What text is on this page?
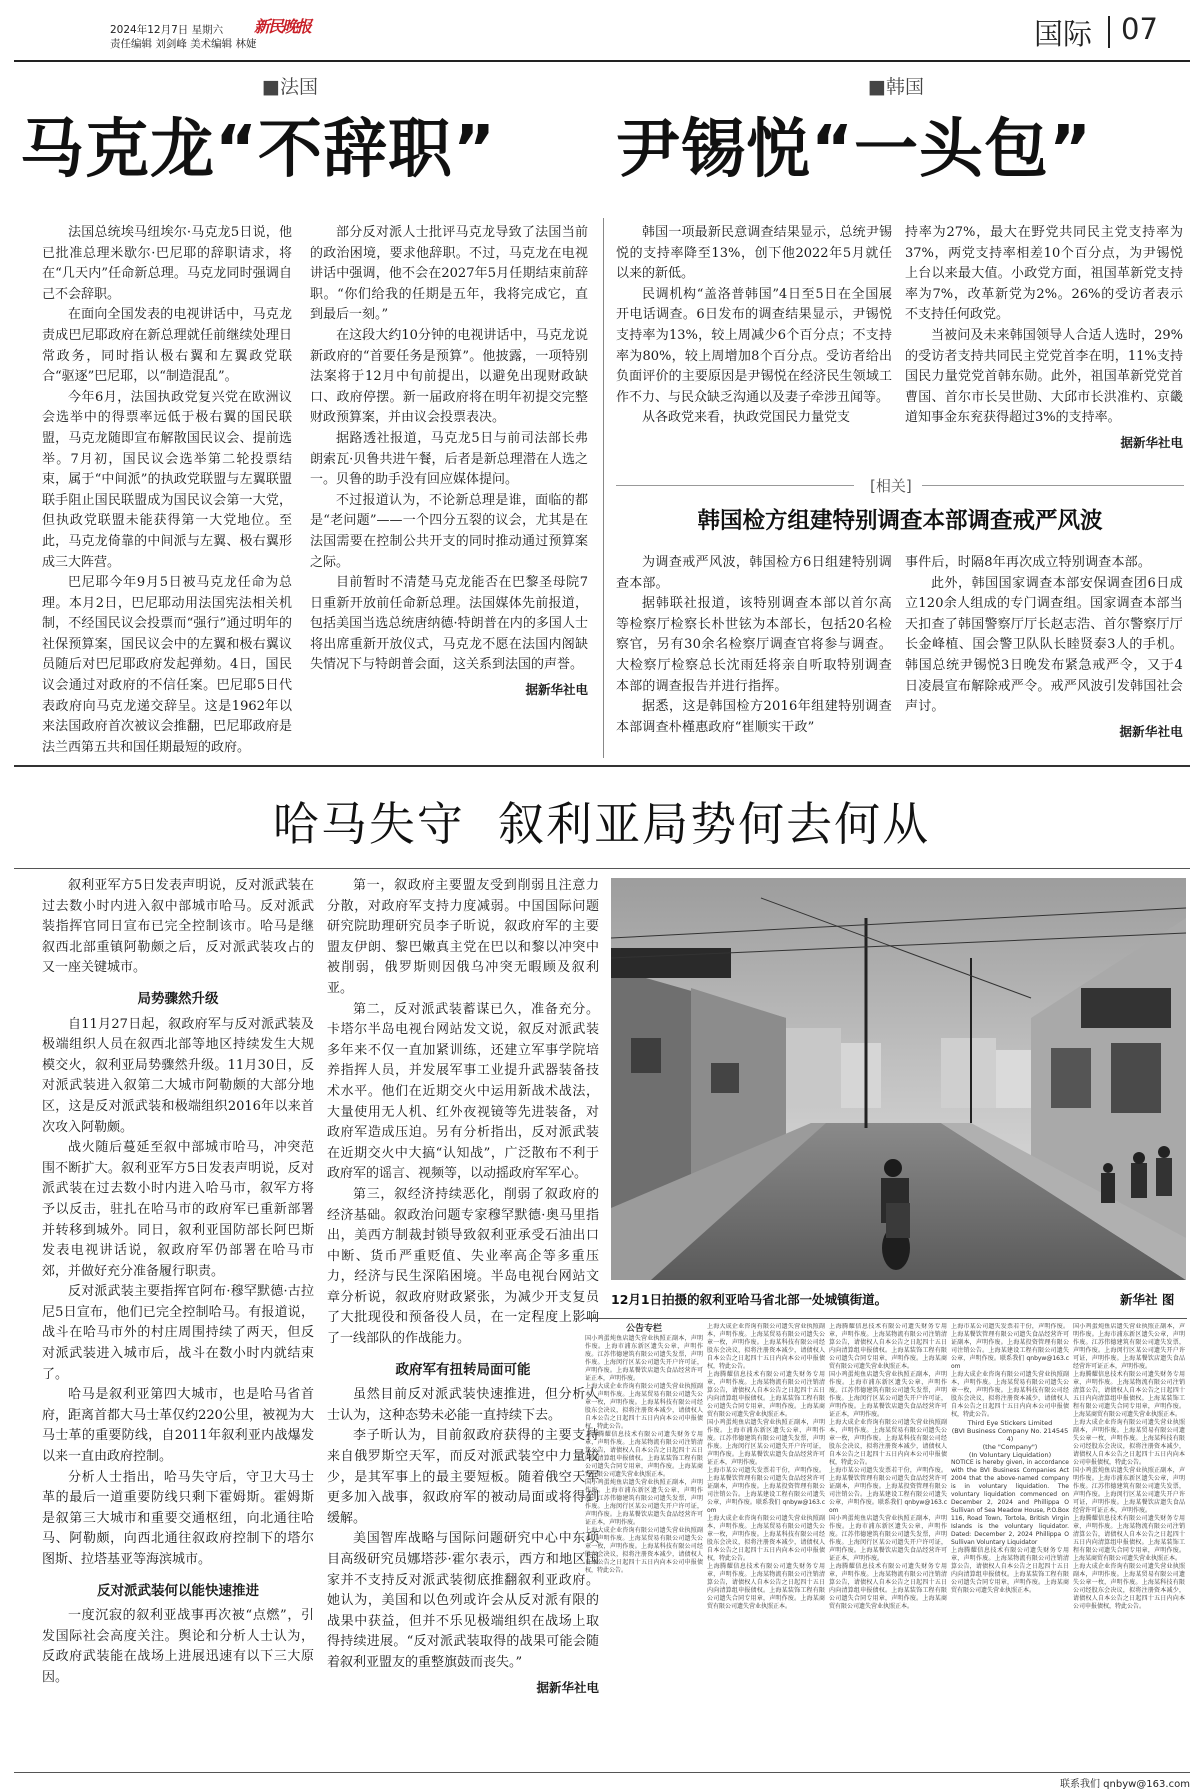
2024年12月7日 星期六
责任编辑 刘剑峰 美术编辑 林婕
新民晚报	国际 07
■法国	■韩国
马克龙“不辞职” 尹锡悦“一头包”

法国总统埃马纽埃尔·马克龙5日说，他已批准总理米歇尔·巴尼耶的辞职请求，将在“几天内”任命新总理。马克龙同时强调自己不会辞职。

在面向全国发表的电视讲话中，马克龙责成巴尼耶政府在新总理就任前继续处理日常政务，同时指认极右翼和左翼政党联合“驱逐”巴尼耶，以“制造混乱”。

今年6月，法国执政党复兴党在欧洲议会选举中的得票率远低于极右翼的国民联盟，马克龙随即宣布解散国民议会、提前选举。7月初，国民议会选举第二轮投票结束，属于“中间派”的执政党联盟与左翼联盟联手阻止国民联盟成为国民议会第一大党，但执政党联盟未能获得第一大党地位。至此，马克龙倚靠的中间派与左翼、极右翼形成三大阵营。

巴尼耶今年9月5日被马克龙任命为总理。本月2日，巴尼耶动用法国宪法相关机制，不经国民议会投票而“强行”通过明年的社保预算案，国民议会中的左翼和极右翼议员随后对巴尼耶政府发起弹劾。4日，国民议会通过对政府的不信任案。巴尼耶5日代表政府向马克龙递交辞呈。这是1962年以来法国政府首次被议会推翻，巴尼耶政府是法兰西第五共和国任期最短的政府。

部分反对派人士批评马克龙导致了法国当前的政治困境，要求他辞职。不过，马克龙在电视讲话中强调，他不会在2027年5月任期结束前辞职。“你们给我的任期是五年，我将完成它，直到最后一刻。”

在这段大约10分钟的电视讲话中，马克龙说新政府的“首要任务是预算”。他披露，一项特别法案将于12月中旬前提出，以避免出现财政缺口、政府停摆。新一届政府将在明年初提交完整财政预算案，并由议会投票表决。

据路透社报道，马克龙5日与前司法部长弗朗索瓦·贝鲁共进午餐，后者是新总理潜在人选之一。贝鲁的助手没有回应媒体提问。

不过报道认为，不论新总理是谁，面临的都是“老问题”——一个四分五裂的议会，尤其是在法国需要在控制公共开支的同时推动通过预算案之际。

目前暂时不清楚马克龙能否在巴黎圣母院7日重新开放前任命新总理。法国媒体先前报道，包括美国当选总统唐纳德·特朗普在内的多国人士将出席重新开放仪式，马克龙不愿在法国内阁缺失情况下与特朗普会面，这关系到法国的声誉。

据新华社电

韩国一项最新民意调查结果显示，总统尹锡悦的支持率降至13%，创下他2022年5月就任以来的新低。

民调机构“盖洛普韩国”4日至5日在全国展开电话调查。6日发布的调查结果显示，尹锡悦支持率为13%，较上周减少6个百分点；不支持率为80%，较上周增加8个百分点。受访者给出负面评价的主要原因是尹锡悦在经济民生领域工作不力、与民众缺乏沟通以及妻子牵涉丑闻等。

从各政党来看，执政党国民力量党支

持率为27%，最大在野党共同民主党支持率为37%，两党支持率相差10个百分点，为尹锡悦上台以来最大值。小政党方面，祖国革新党支持率为7%，改革新党为2%。26%的受访者表示不支持任何政党。

当被问及未来韩国领导人合适人选时，29%的受访者支持共同民主党党首李在明，11%支持国民力量党党首韩东勋。此外，祖国革新党党首曹国、首尔市长吴世勋、大邱市长洪准杓、京畿道知事金东兖获得超过3%的支持率。

据新华社电

[相关]
韩国检方组建特别调查本部调查戒严风波

为调查戒严风波，韩国检方6日组建特别调查本部。

据韩联社报道，该特别调查本部以首尔高等检察厅检察长朴世铉为本部长，包括20名检察官，另有30余名检察厅调查官将参与调查。大检察厅检察总长沈雨廷将亲自听取特别调查本部的调查报告并进行指挥。

据悉，这是韩国检方2016年组建特别调查本部调查朴槿惠政府“崔顺实干政”

事件后，时隔8年再次成立特别调查本部。

此外，韩国国家调查本部安保调查团6日成立120余人组成的专门调查组。国家调查本部当天扣查了韩国警察厅厅长赵志浩、首尔警察厅厅长金峰植、国会警卫队队长睦贤泰3人的手机。韩国总统尹锡悦3日晚发布紧急戒严令，又于4日凌晨宣布解除戒严令。戒严风波引发韩国社会声讨。

据新华社电

哈马失守  叙利亚局势何去何从

叙利亚军方5日发表声明说，反对派武装在过去数小时内进入叙中部城市哈马。反对派武装指挥官同日宣布已完全控制该市。哈马是继叙西北部重镇阿勒颇之后，反对派武装攻占的又一座关键城市。

局势骤然升级

自11月27日起，叙政府军与反对派武装及极端组织人员在叙西北部等地区持续发生大规模交火，叙利亚局势骤然升级。11月30日，反对派武装进入叙第二大城市阿勒颇的大部分地区，这是反对派武装和极端组织2016年以来首次攻入阿勒颇。

战火随后蔓延至叙中部城市哈马，冲突范围不断扩大。叙利亚军方5日发表声明说，反对派武装在过去数小时内进入哈马市，叙军方将予以反击，驻扎在哈马市的政府军已重新部署并转移到城外。同日，叙利亚国防部长阿巴斯发表电视讲话说，叙政府军仍部署在哈马市郊，并做好充分准备履行职责。

反对派武装主要指挥官阿布·穆罕默德·古拉尼5日宣布，他们已完全控制哈马。有报道说，战斗在哈马市外的村庄周围持续了两天，但反对派武装进入城市后，战斗在数小时内就结束了。

哈马是叙利亚第四大城市，也是哈马省首府，距离首都大马士革仅约220公里，被视为大马士革的重要防线，自2011年叙利亚内战爆发以来一直由政府控制。

分析人士指出，哈马失守后，守卫大马士革的最后一道重要防线只剩下霍姆斯。霍姆斯是叙第三大城市和重要交通枢纽，向北通往哈马、阿勒颇，向西北通往叙政府控制下的塔尔图斯、拉塔基亚等海滨城市。

反对派武装何以能快速推进

一度沉寂的叙利亚战事再次被“点燃”，引发国际社会高度关注。舆论和分析人士认为，反政府武装能在战场上进展迅速有以下三大原因。

第一，叙政府主要盟友受到削弱且注意力分散，对政府军支持力度减弱。中国国际问题研究院助理研究员李子昕说，叙政府军的主要盟友伊朗、黎巴嫩真主党在巴以和黎以冲突中被削弱，俄罗斯则因俄乌冲突无暇顾及叙利亚。

第二，反对派武装蓄谋已久，准备充分。卡塔尔半岛电视台网站发文说，叙反对派武装多年来不仅一直加紧训练，还建立军事学院培养指挥人员，并发展军事工业提升武器装备技术水平。他们在近期交火中运用新战术战法，大量使用无人机、红外夜视镜等先进装备，对政府军造成压迫。另有分析指出，反对派武装在近期交火中大搞“认知战”，广泛散布不利于政府军的谣言、视频等，以动摇政府军军心。

第三，叙经济持续恶化，削弱了叙政府的经济基础。叙政治问题专家穆罕默德·奥马里指出，美西方制裁封锁导致叙利亚承受石油出口中断、货币严重贬值、失业率高企等多重压力，经济与民生深陷困境。半岛电视台网站文章分析说，叙政府财政紧张，为减少开支复员了大批现役和预备役人员，在一定程度上影响了一线部队的作战能力。

政府军有扭转局面可能

虽然目前反对派武装快速推进，但分析人士认为，这种态势未必能一直持续下去。

李子昕认为，目前叙政府获得的主要支持来自俄罗斯空天军，而反对派武装空中力量较少，是其军事上的最主要短板。随着俄空天军更多加入战事，叙政府军的被动局面或将得到缓解。

美国智库战略与国际问题研究中心中东项目高级研究员娜塔莎·霍尔表示，西方和地区国家并不支持反对派武装彻底推翻叙利亚政府。她认为，美国和以色列或许会从反对派有限的战果中获益，但并不乐见极端组织在战场上取得持续进展。“反对派武装取得的战果可能会随着叙利亚盟友的重整旗鼓而丧失。”

据新华社电

12月1日拍摄的叙利亚哈马省北部一处城镇街道。	新华社 图
公告专栏
国小鸡蛋炖鱼店遗失营业执照正副本，声明作废。上海市浦东新区遗失公章，声明作废。江苏伟德建筑有限公司遗失发票，声明作废。上海闵行区某公司遗失开户许可证，声明作废。上海某餐饮店遗失食品经营许可证正本，声明作废。
上海大成企业咨询有限公司遗失营业执照副本，声明作废。上海某贸易有限公司遗失公章一枚，声明作废。上海某科技有限公司经股东会决议，拟将注册资本减少，请债权人自本公告之日起四十五日内向本公司申报债权，特此公告。
上海腾耀信息技术有限公司遗失财务专用章，声明作废。上海某物流有限公司注销清算公告，请债权人自本公告之日起四十五日内向清算组申报债权。上海某装饰工程有限公司遗失合同专用章，声明作废。上海某商贸有限公司遗失营业执照正本。
国小鸡蛋炖鱼店遗失营业执照正副本，声明作废。上海市浦东新区遗失公章，声明作废。江苏伟德建筑有限公司遗失发票，声明作废。上海闵行区某公司遗失开户许可证，声明作废。上海某餐饮店遗失食品经营许可证正本，声明作废。
上海大成企业咨询有限公司遗失营业执照副本，声明作废。上海某贸易有限公司遗失公章一枚，声明作废。上海某科技有限公司经股东会决议，拟将注册资本减少，请债权人自本公告之日起四十五日内向本公司申报债权，特此公告。
上海大成企业咨询有限公司遗失营业执照副本，声明作废。上海某贸易有限公司遗失公章一枚，声明作废。上海某科技有限公司经股东会决议，拟将注册资本减少，请债权人自本公告之日起四十五日内向本公司申报债权，特此公告。
上海腾耀信息技术有限公司遗失财务专用章，声明作废。上海某物流有限公司注销清算公告，请债权人自本公告之日起四十五日内向清算组申报债权。上海某装饰工程有限公司遗失合同专用章，声明作废。上海某商贸有限公司遗失营业执照正本。
国小鸡蛋炖鱼店遗失营业执照正副本，声明作废。上海市浦东新区遗失公章，声明作废。江苏伟德建筑有限公司遗失发票，声明作废。上海闵行区某公司遗失开户许可证，声明作废。上海某餐饮店遗失食品经营许可证正本，声明作废。
上海市某公司遗失发票若干份，声明作废。上海某餐饮管理有限公司遗失食品经营许可证副本，声明作废。上海某投资管理有限公司注销公告。上海某建设工程有限公司遗失公章，声明作废。联系我们 qnbyw@163.com
上海大成企业咨询有限公司遗失营业执照副本，声明作废。上海某贸易有限公司遗失公章一枚，声明作废。上海某科技有限公司经股东会决议，拟将注册资本减少，请债权人自本公告之日起四十五日内向本公司申报债权，特此公告。
上海腾耀信息技术有限公司遗失财务专用章，声明作废。上海某物流有限公司注销清算公告，请债权人自本公告之日起四十五日内向清算组申报债权。上海某装饰工程有限公司遗失合同专用章，声明作废。上海某商贸有限公司遗失营业执照正本。
上海腾耀信息技术有限公司遗失财务专用章，声明作废。上海某物流有限公司注销清算公告，请债权人自本公告之日起四十五日内向清算组申报债权。上海某装饰工程有限公司遗失合同专用章，声明作废。上海某商贸有限公司遗失营业执照正本。
国小鸡蛋炖鱼店遗失营业执照正副本，声明作废。上海市浦东新区遗失公章，声明作废。江苏伟德建筑有限公司遗失发票，声明作废。上海闵行区某公司遗失开户许可证，声明作废。上海某餐饮店遗失食品经营许可证正本，声明作废。
上海大成企业咨询有限公司遗失营业执照副本，声明作废。上海某贸易有限公司遗失公章一枚，声明作废。上海某科技有限公司经股东会决议，拟将注册资本减少，请债权人自本公告之日起四十五日内向本公司申报债权，特此公告。
上海市某公司遗失发票若干份，声明作废。上海某餐饮管理有限公司遗失食品经营许可证副本，声明作废。上海某投资管理有限公司注销公告。上海某建设工程有限公司遗失公章，声明作废。联系我们 qnbyw@163.com
国小鸡蛋炖鱼店遗失营业执照正副本，声明作废。上海市浦东新区遗失公章，声明作废。江苏伟德建筑有限公司遗失发票，声明作废。上海闵行区某公司遗失开户许可证，声明作废。上海某餐饮店遗失食品经营许可证正本，声明作废。
上海腾耀信息技术有限公司遗失财务专用章，声明作废。上海某物流有限公司注销清算公告，请债权人自本公告之日起四十五日内向清算组申报债权。上海某装饰工程有限公司遗失合同专用章，声明作废。上海某商贸有限公司遗失营业执照正本。
上海市某公司遗失发票若干份，声明作废。上海某餐饮管理有限公司遗失食品经营许可证副本，声明作废。上海某投资管理有限公司注销公告。上海某建设工程有限公司遗失公章，声明作废。联系我们 qnbyw@163.com
上海大成企业咨询有限公司遗失营业执照副本，声明作废。上海某贸易有限公司遗失公章一枚，声明作废。上海某科技有限公司经股东会决议，拟将注册资本减少，请债权人自本公告之日起四十五日内向本公司申报债权，特此公告。
Third Eye Stickers Limited
(BVI Business Company No. 2145454)
(the "Company")
(In Voluntary Liquidation)
NOTICE is hereby given, in accordance with the BVI Business Companies Act 2004 that the above-named company is in voluntary liquidation. The voluntary liquidation commenced on December 2, 2024 and Phillippa O Sullivan of Sea Meadow House, P.O.Box 116, Road Town, Tortola, British Virgin Islands is the voluntary liquidator. Dated: December 2, 2024 Phillippa O Sullivan Voluntary Liquidator
上海腾耀信息技术有限公司遗失财务专用章，声明作废。上海某物流有限公司注销清算公告，请债权人自本公告之日起四十五日内向清算组申报债权。上海某装饰工程有限公司遗失合同专用章，声明作废。上海某商贸有限公司遗失营业执照正本。
国小鸡蛋炖鱼店遗失营业执照正副本，声明作废。上海市浦东新区遗失公章，声明作废。江苏伟德建筑有限公司遗失发票，声明作废。上海闵行区某公司遗失开户许可证，声明作废。上海某餐饮店遗失食品经营许可证正本，声明作废。
上海腾耀信息技术有限公司遗失财务专用章，声明作废。上海某物流有限公司注销清算公告，请债权人自本公告之日起四十五日内向清算组申报债权。上海某装饰工程有限公司遗失合同专用章，声明作废。上海某商贸有限公司遗失营业执照正本。
上海大成企业咨询有限公司遗失营业执照副本，声明作废。上海某贸易有限公司遗失公章一枚，声明作废。上海某科技有限公司经股东会决议，拟将注册资本减少，请债权人自本公告之日起四十五日内向本公司申报债权，特此公告。
国小鸡蛋炖鱼店遗失营业执照正副本，声明作废。上海市浦东新区遗失公章，声明作废。江苏伟德建筑有限公司遗失发票，声明作废。上海闵行区某公司遗失开户许可证，声明作废。上海某餐饮店遗失食品经营许可证正本，声明作废。
上海腾耀信息技术有限公司遗失财务专用章，声明作废。上海某物流有限公司注销清算公告，请债权人自本公告之日起四十五日内向清算组申报债权。上海某装饰工程有限公司遗失合同专用章，声明作废。上海某商贸有限公司遗失营业执照正本。
上海大成企业咨询有限公司遗失营业执照副本，声明作废。上海某贸易有限公司遗失公章一枚，声明作废。上海某科技有限公司经股东会决议，拟将注册资本减少，请债权人自本公告之日起四十五日内向本公司申报债权，特此公告。
联系我们 qnbyw@163.com
